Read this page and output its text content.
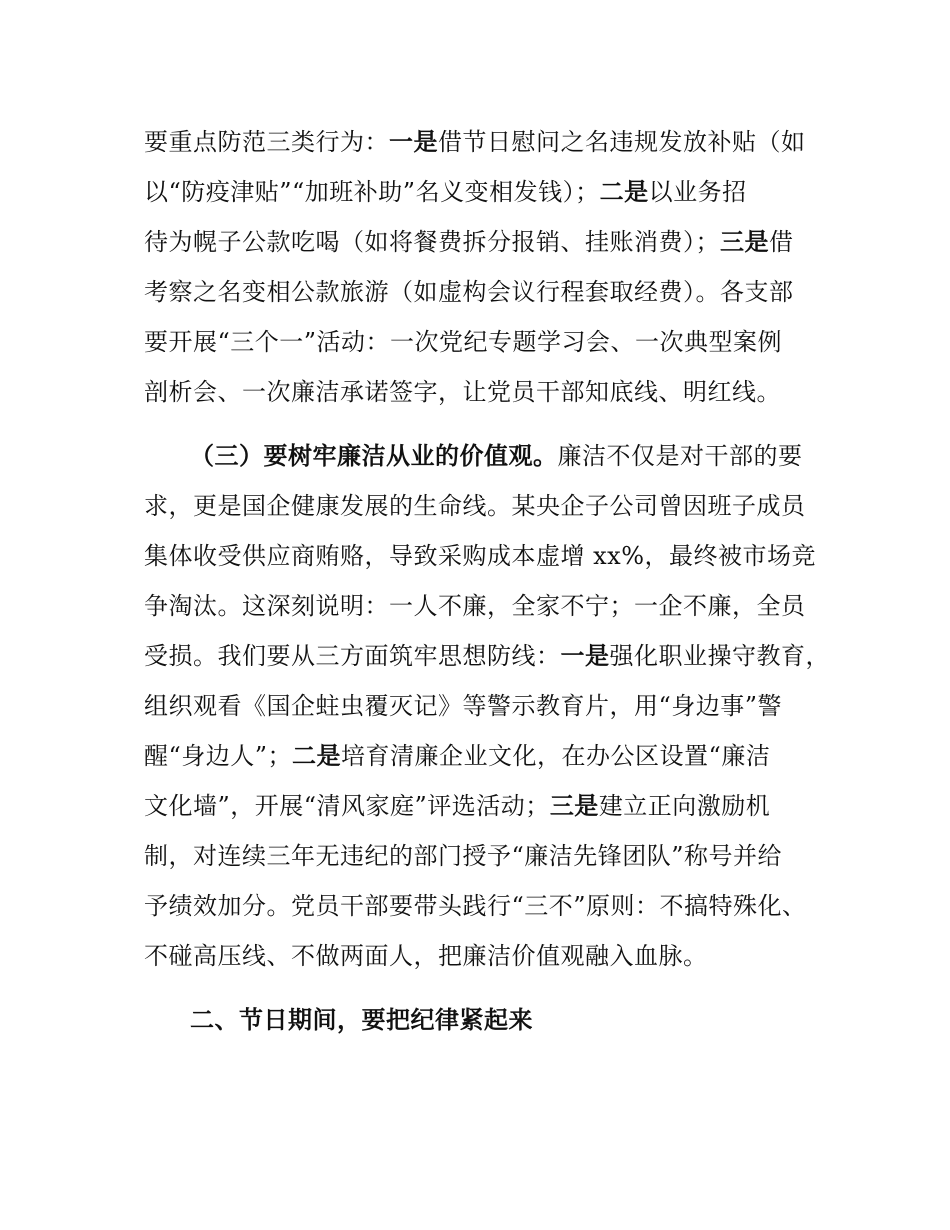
要重点防范三类行为：一是借节日慰问之名违规发放补贴（如
以“防疫津贴”“加班补助”名义变相发钱）；二是以业务招
待为幌子公款吃喝（如将餐费拆分报销、挂账消费）；三是借
考察之名变相公款旅游（如虚构会议行程套取经费）。各支部
要开展“三个一”活动：一次党纪专题学习会、一次典型案例
剖析会、一次廉洁承诺签字，让党员干部知底线、明红线。
（三）要树牢廉洁从业的价值观。廉洁不仅是对干部的要
求，更是国企健康发展的生命线。某央企子公司曾因班子成员
集体收受供应商贿赂，导致采购成本虚增 xx%，最终被市场竞
争淘汰。这深刻说明：一人不廉，全家不宁；一企不廉，全员
受损。我们要从三方面筑牢思想防线：一是强化职业操守教育，
组织观看《国企蛀虫覆灭记》等警示教育片，用“身边事”警
醒“身边人”；二是培育清廉企业文化，在办公区设置“廉洁
文化墙”，开展“清风家庭”评选活动；三是建立正向激励机
制，对连续三年无违纪的部门授予“廉洁先锋团队”称号并给
予绩效加分。党员干部要带头践行“三不”原则：不搞特殊化、
不碰高压线、不做两面人，把廉洁价值观融入血脉。
二、节日期间，要把纪律紧起来
